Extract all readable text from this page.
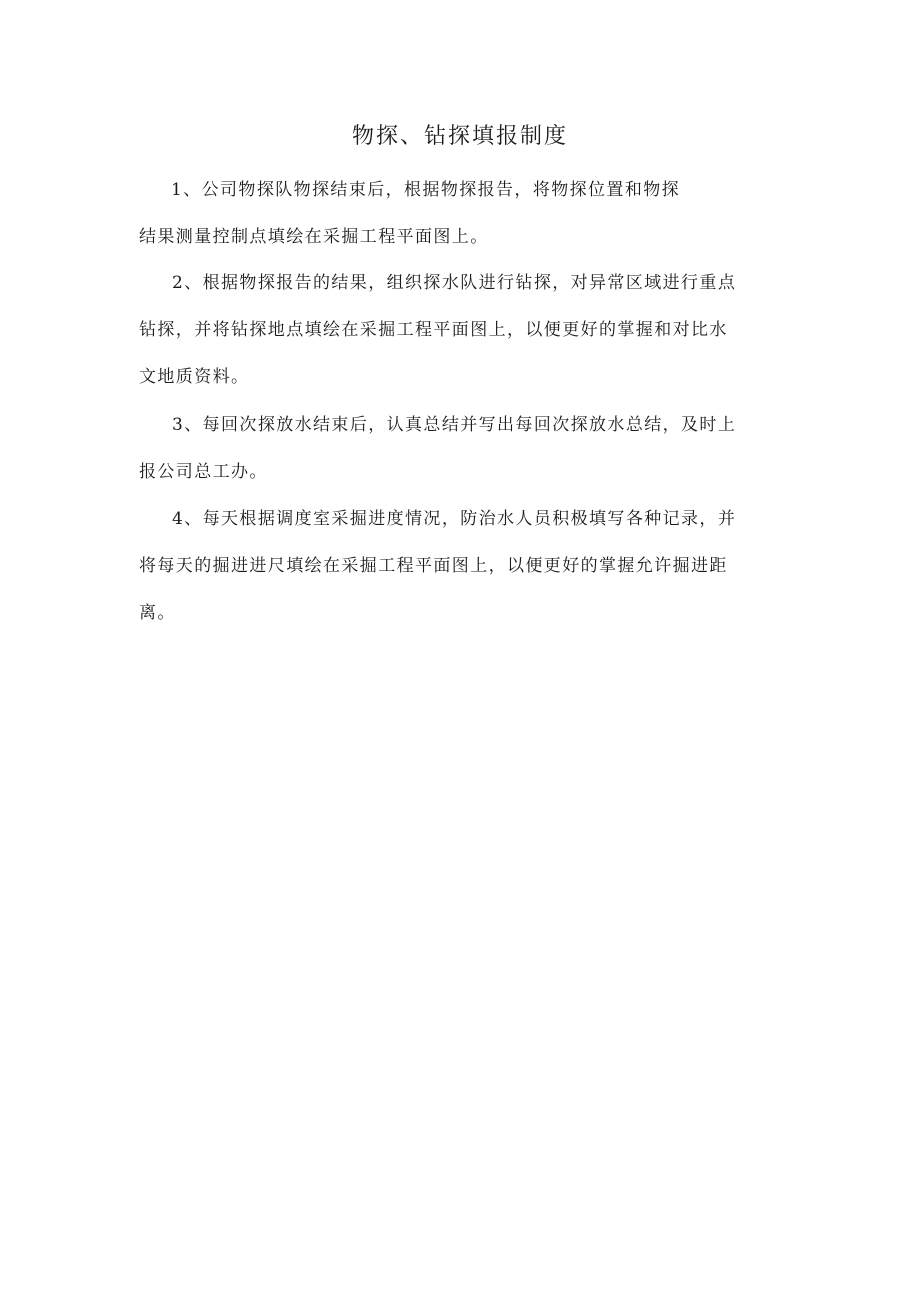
物探、钻探填报制度
1、公司物探队物探结束后，根据物探报告，将物探位置和物探
结果测量控制点填绘在采掘工程平面图上。
2、根据物探报告的结果，组织探水队进行钻探，对异常区域进行重点
钻探，并将钻探地点填绘在采掘工程平面图上，以便更好的掌握和对比水
文地质资料。
3、每回次探放水结束后，认真总结并写出每回次探放水总结，及时上
报公司总工办。
4、每天根据调度室采掘进度情况，防治水人员积极填写各种记录，并
将每天的掘进进尺填绘在采掘工程平面图上，以便更好的掌握允许掘进距
离。
